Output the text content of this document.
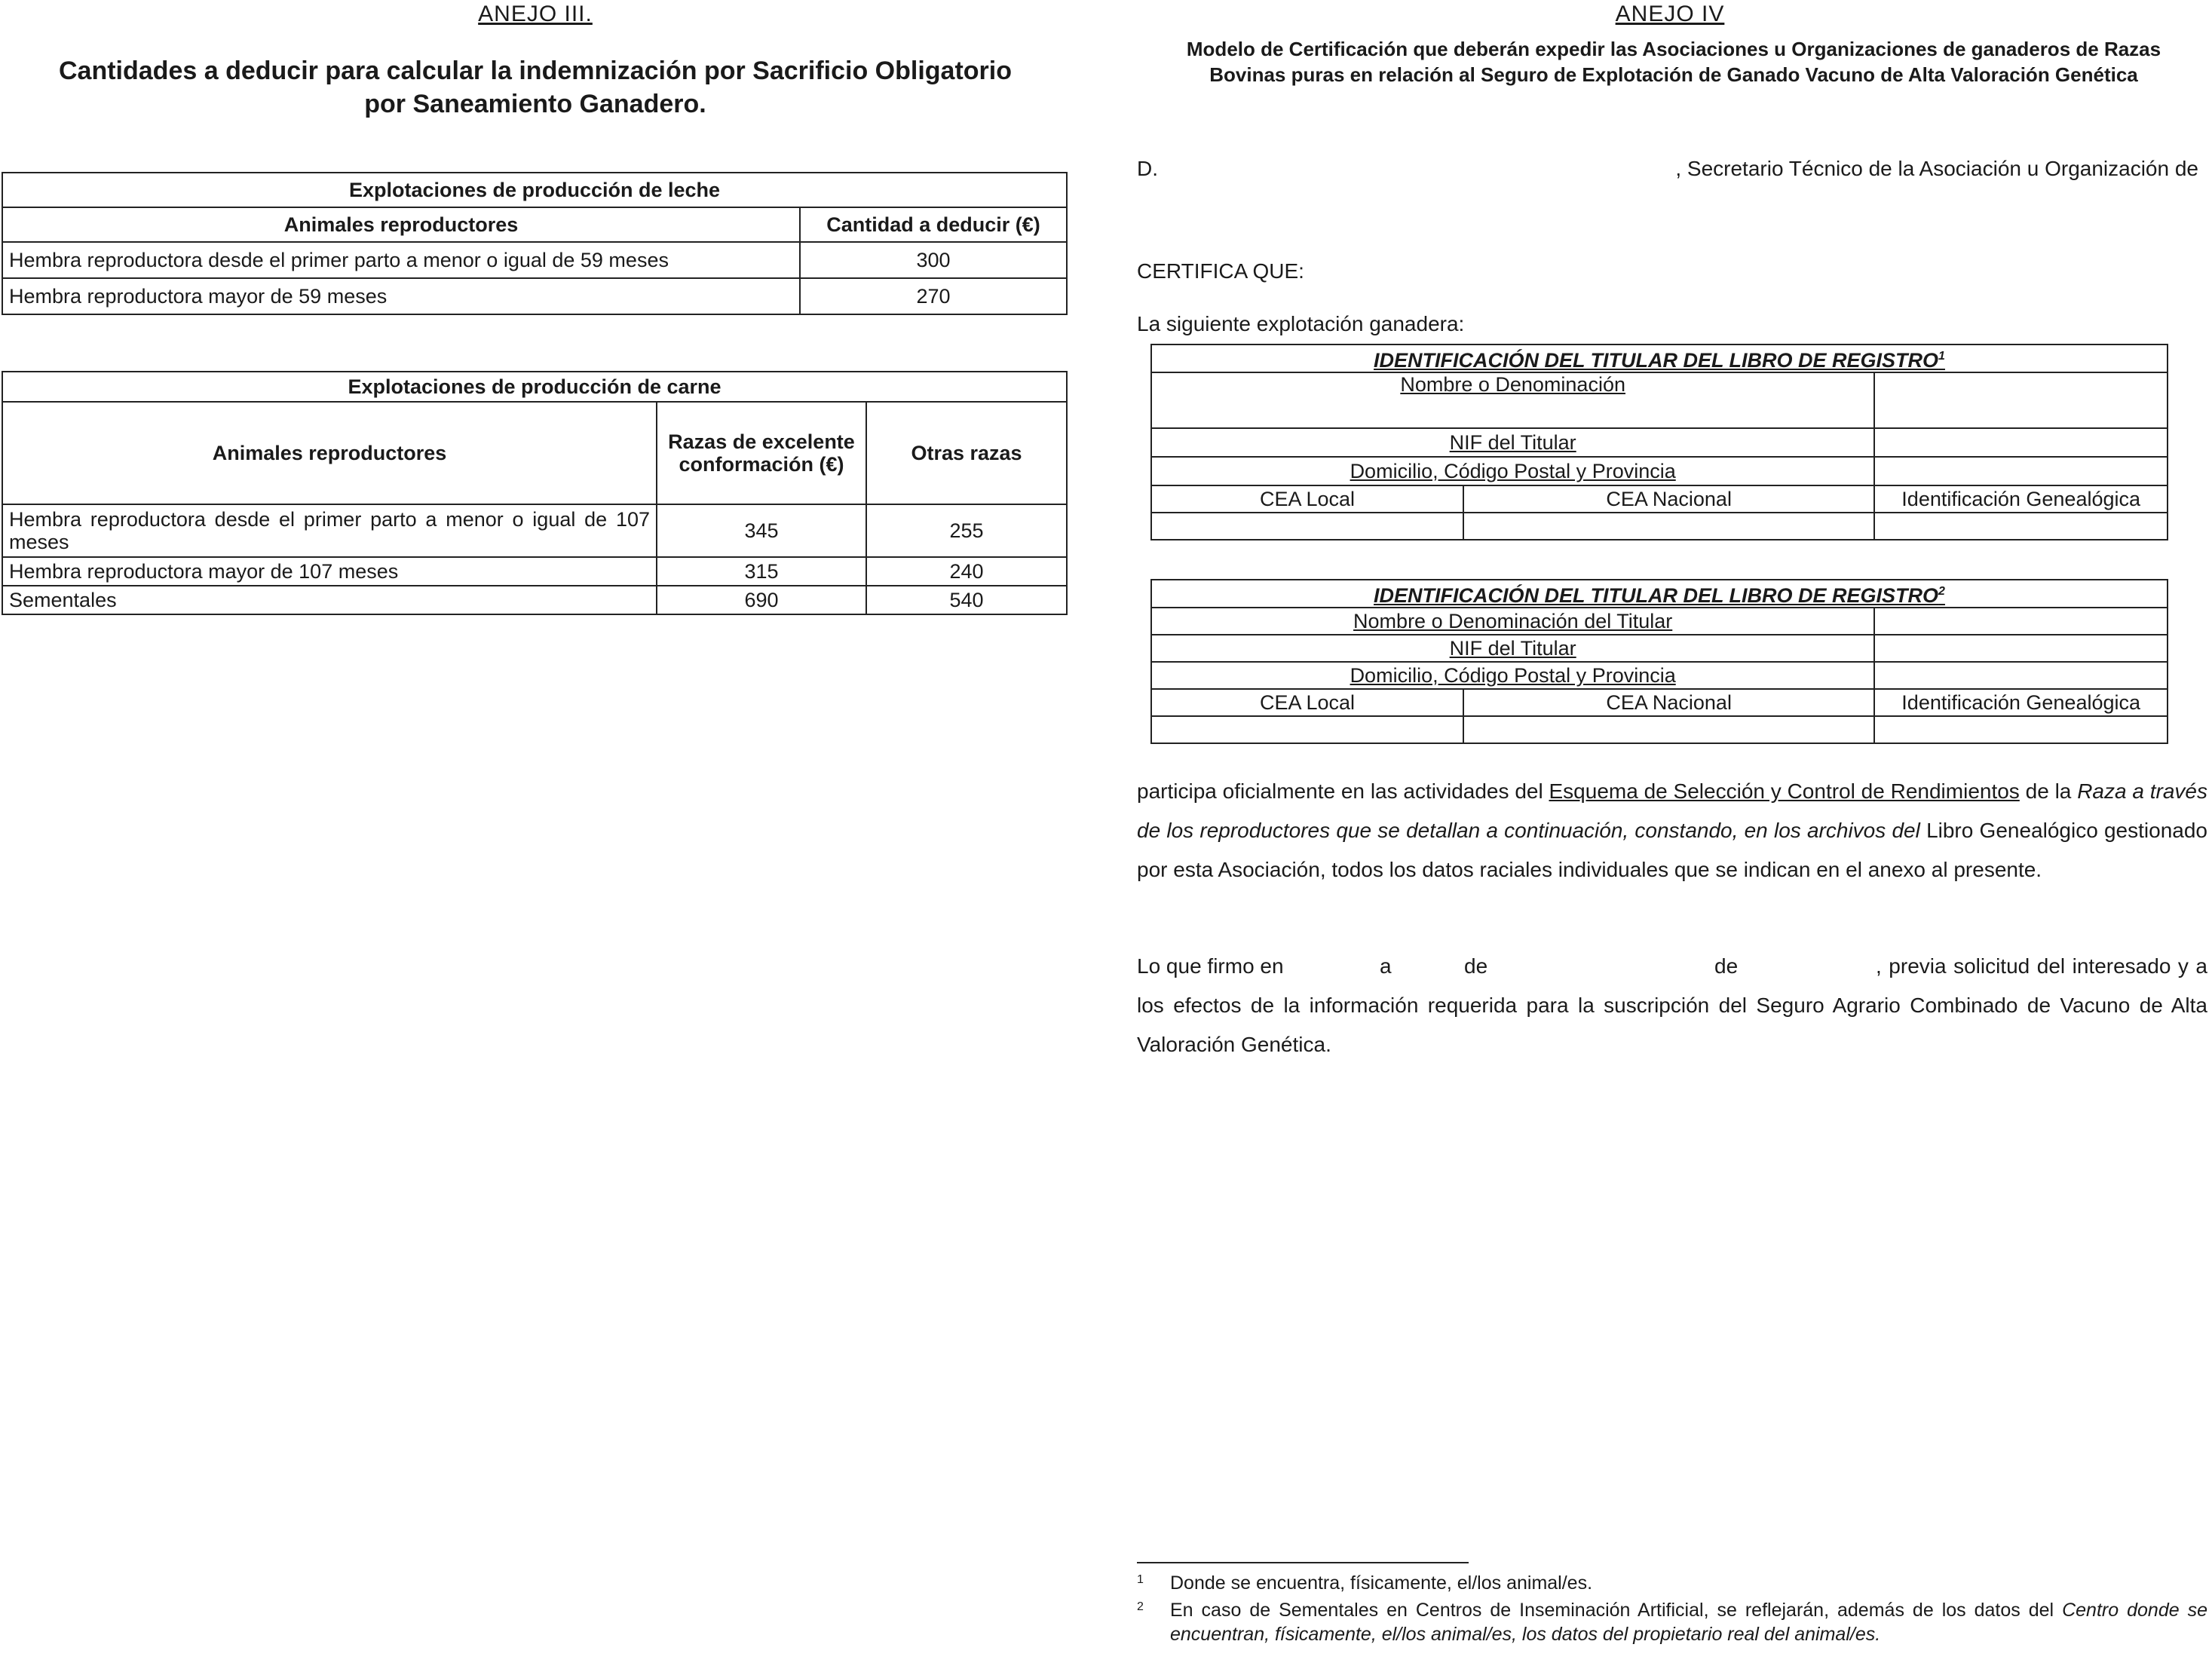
ANEJO III.
Cantidades a deducir para calcular la indemnización por Sacrificio Obligatorio
por Saneamiento Ganadero.
Explotaciones de producción de leche	
Animales reproductores	Cantidad a deducir (€)
Hembra reproductora desde el primer parto a menor o igual de 59 meses	300
Hembra reproductora mayor de 59 meses	270
Explotaciones de producción de carne		
Animales reproductores	Razas de excelente conformación (€)	Otras razas
Hembra reproductora desde el primer parto a menor o igual de 107 meses	345	255
Hembra reproductora mayor de 107 meses	315	240
Sementales	690	540
ANEJO IV
Modelo de Certificación que deberán expedir las Asociaciones u Organizaciones de ganaderos de Razas Bovinas puras en relación al Seguro de Explotación de Ganado Vacuno de Alta Valoración Genética
D.	, Secretario Técnico de la Asociación u Organización de
CERTIFICA QUE:
La siguiente explotación ganadera:
IDENTIFICACIÓN DEL TITULAR DEL LIBRO DE REGISTRO$^1$
Nombre o Denominación		
NIF del Titular		
Domicilio, Código Postal y Provincia		
CEA Local	CEA Nacional	Identificación Genealógica

IDENTIFICACIÓN DEL TITULAR DEL LIBRO DE REGISTRO$^2$
Nombre o Denominación del Titular		
NIF del Titular		
Domicilio, Código Postal y Provincia		
CEA Local	CEA Nacional	Identificación Genealógica

participa oficialmente en las actividades del Esquema de Selección y Control de Rendimientos de la Raza a través de los reproductores que se detallan a continuación, constando, en los archivos del Libro Genealógico gestionado por esta Asociación, todos los datos raciales individuales que se indican en el anexo al presente.
Lo que firmo en	a	de	de	, previa solicitud del interesado y a los efectos de la información requerida para la suscripción del Seguro Agrario Combinado de Vacuno de Alta Valoración Genética.
1 Donde se encuentra, físicamente, el/los animal/es.
2 En caso de Sementales en Centros de Inseminación Artificial, se reflejarán, además de los datos del Centro donde se encuentran, físicamente, el/los animal/es, los datos del propietario real del animal/es.
